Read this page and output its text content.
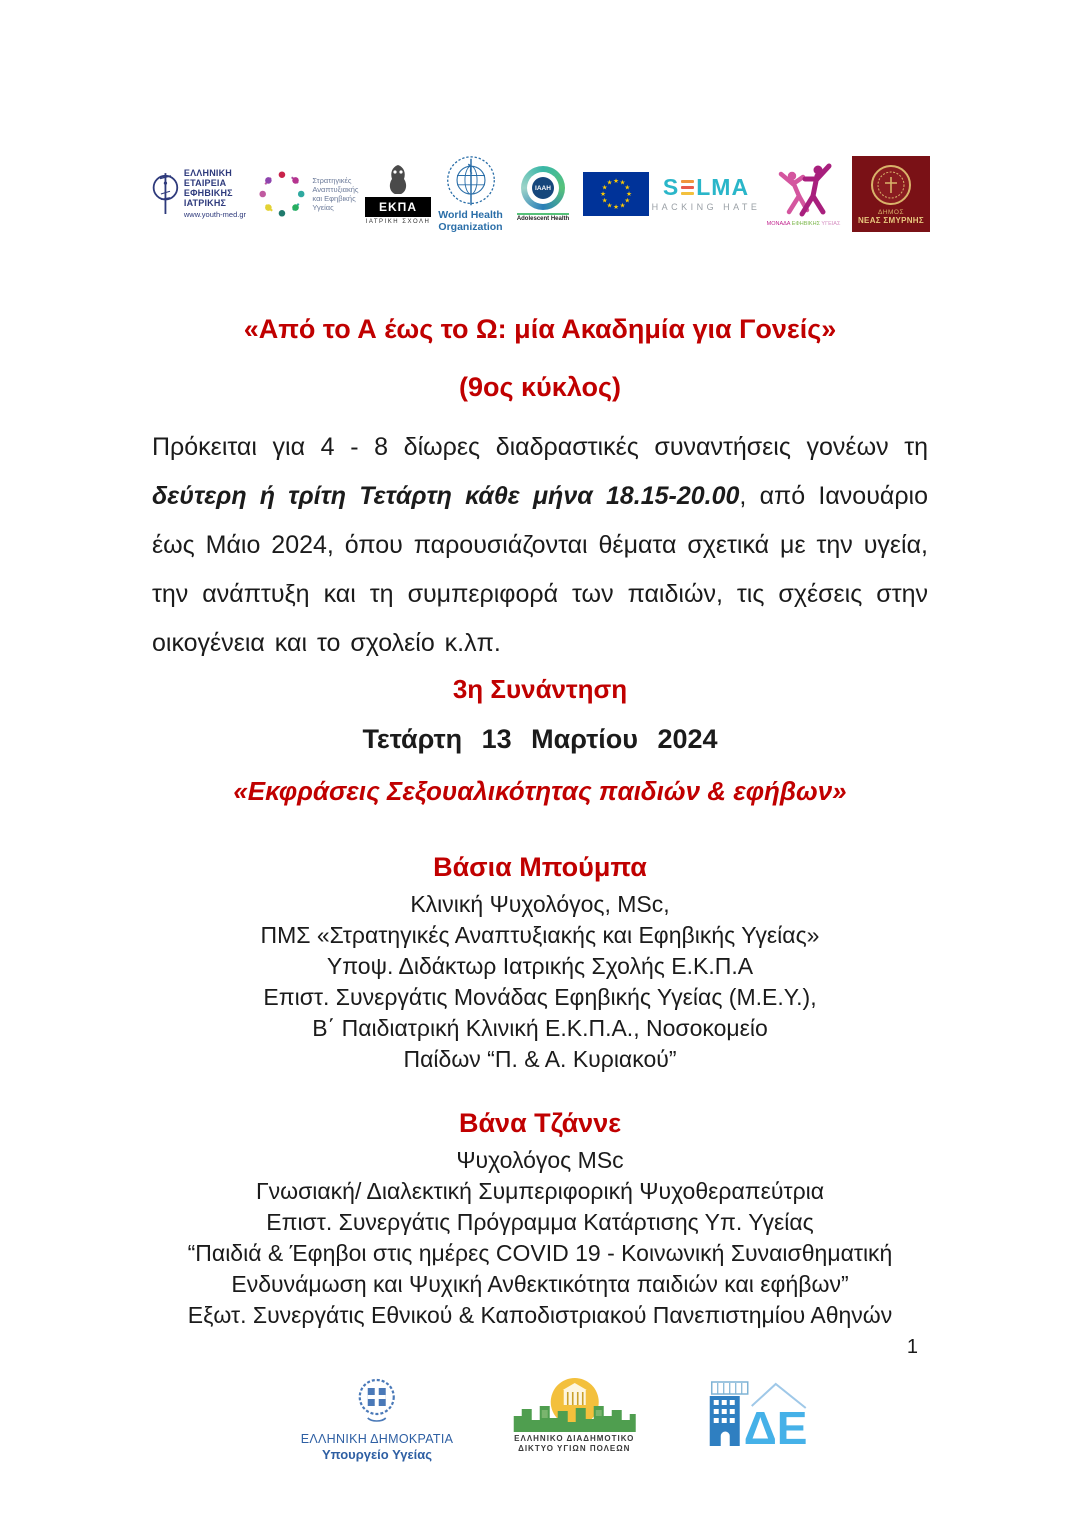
ΕΛΛΗΝΙΚΗ
ΕΤΑΙΡΕΙΑ
ΕΦΗΒΙΚΗΣ
ΙΑΤΡΙΚΗΣ
www.youth-med.gr
Στρατηγικές
Αναπτυξιακής
και Εφηβικής
Υγείας	ΕΚΠΑ
ΙΑΤΡΙΚΗ ΣΧΟΛΗ
World Health
Organization
IAAH
Adolescent Health
★ ★
★
★
★
★
★
★
★
★
★
★ S LMA
HACKING HATE
ΜΟΝΑΔΑ ΕΦΗΒΙΚΗΣ ΥΓΕΙΑΣ
ΔΗΜΟΣ
ΝΕΑΣ ΣΜΥΡΝΗΣ
«Από το Α έως το Ω: μία Ακαδημία για Γονείς»
(9ος κύκλος)

Πρόκειται για 4 - 8 δίωρες διαδραστικές συναντήσεις γονέων τη δεύτερη ή τρίτη Τετάρτη κάθε μήνα 18.15-20.00, από Ιανουάριο έως Μάιο 2024, όπου παρουσιάζονται θέματα σχετικά με την υγεία, την ανάπτυξη και τη συμπεριφορά των παιδιών, τις σχέσεις στην οικογένεια και το σχολείο κ.λπ.

3η Συνάντηση
Τετάρτη 13 Μαρτίου 2024
«Εκφράσεις Σεξουαλικότητας παιδιών & εφήβων»
Βάσια Μπούμπα
Κλινική Ψυχολόγος, MSc,
ΠΜΣ «Στρατηγικές Αναπτυξιακής και Εφηβικής Υγείας»
Υποψ. Διδάκτωρ Ιατρικής Σχολής Ε.Κ.Π.Α
Επιστ. Συνεργάτις Μονάδας Εφηβικής Υγείας (Μ.Ε.Υ.),
Β΄ Παιδιατρική Κλινική Ε.Κ.Π.Α., Νοσοκομείο
Παίδων “Π. & Α. Κυριακού”
Βάνα Τζάννε
Ψυχολόγος MSc
Γνωσιακή/ Διαλεκτική Συμπεριφορική Ψυχοθεραπεύτρια
Επιστ. Συνεργάτις Πρόγραμμα Κατάρτισης Υπ. Υγείας
“Παιδιά & Έφηβοι στις ημέρες COVID 19 - Κοινωνική Συναισθηματική
Ενδυνάμωση και Ψυχική Ανθεκτικότητα παιδιών και εφήβων”
Εξωτ. Συνεργάτις Εθνικού & Καποδιστριακού Πανεπιστημίου Αθηνών
1
ΕΛΛΗΝΙΚΗ ΔΗΜΟΚΡΑΤΙΑ
Υπουργείο Υγείας
ΕΛΛΗΝΙΚΟ ΔΙΑΔΗΜΟΤΙΚΟ
ΔΙΚΤΥΟ ΥΓΙΩΝ ΠΟΛΕΩΝ ΔΕ
